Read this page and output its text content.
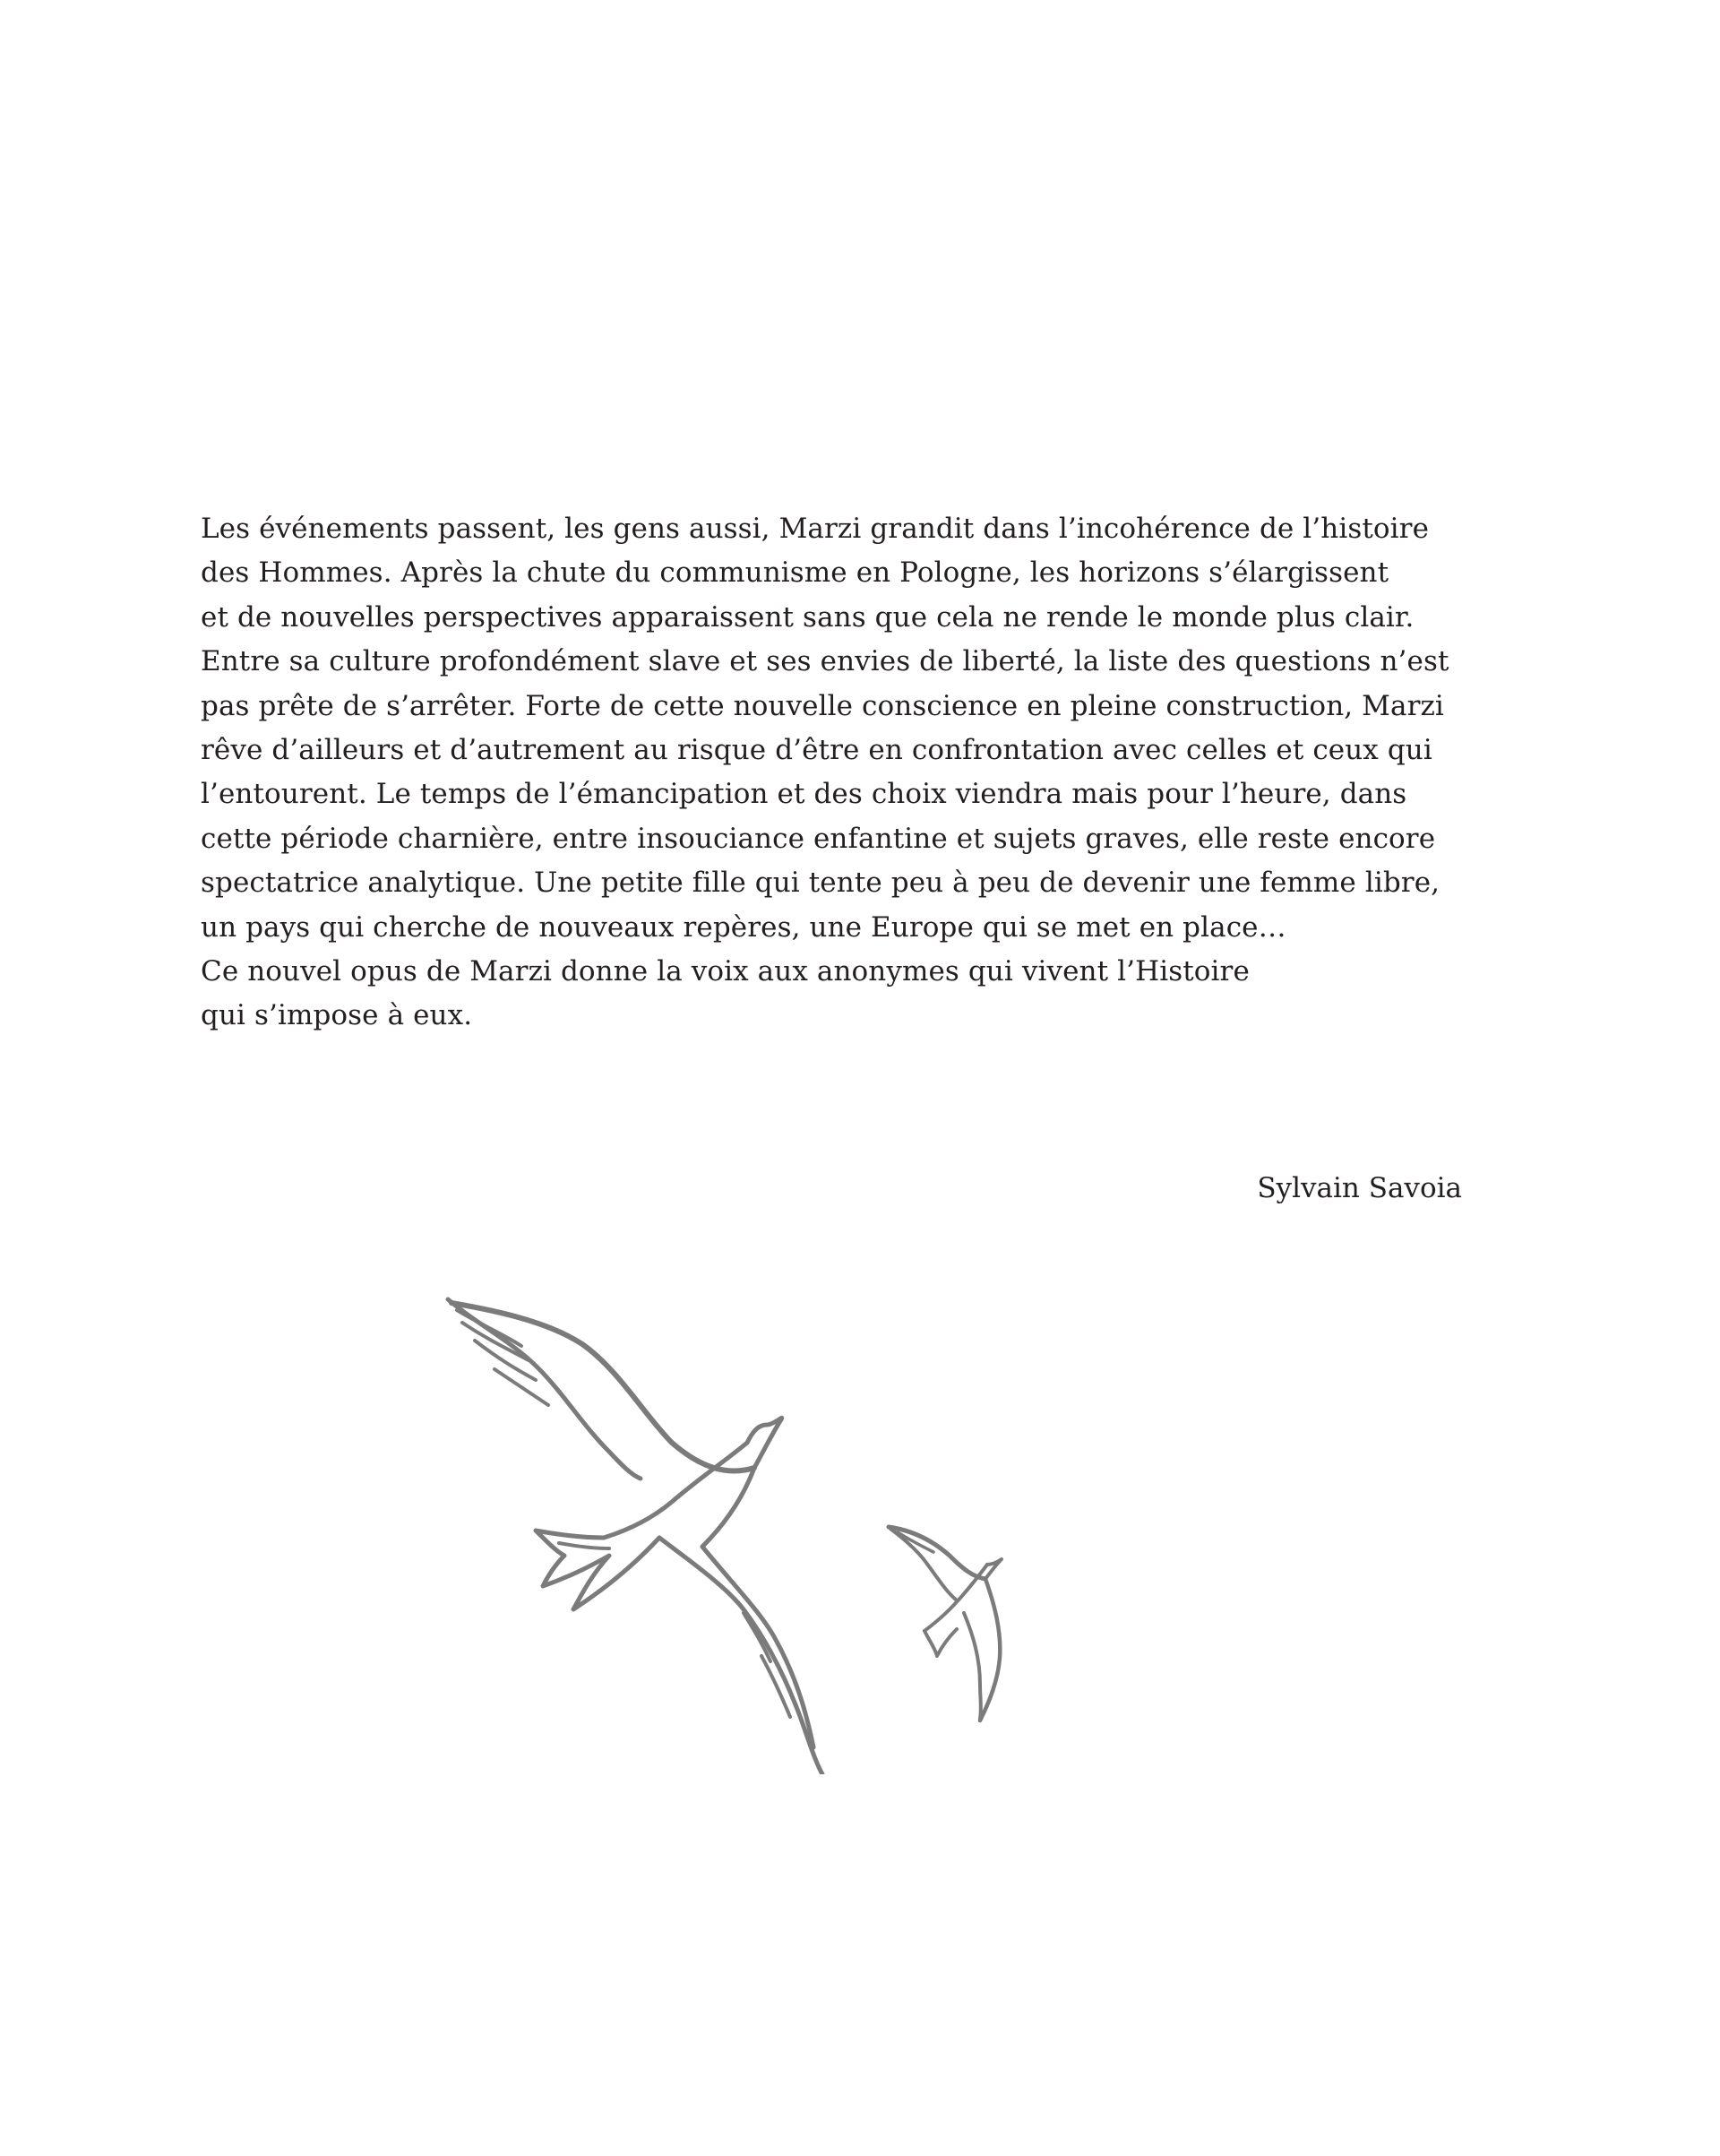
Les événements passent, les gens aussi, Marzi grandit dans l’incohérence de l’histoire
des Hommes. Après la chute du communisme en Pologne, les horizons s’élargissent
et de nouvelles perspectives apparaissent sans que cela ne rende le monde plus clair.
Entre sa culture profondément slave et ses envies de liberté, la liste des questions n’est
pas prête de s’arrêter. Forte de cette nouvelle conscience en pleine construction, Marzi
rêve d’ailleurs et d’autrement au risque d’être en confrontation avec celles et ceux qui
l’entourent. Le temps de l’émancipation et des choix viendra mais pour l’heure, dans
cette période charnière, entre insouciance enfantine et sujets graves, elle reste encore
spectatrice analytique. Une petite fille qui tente peu à peu de devenir une femme libre,
un pays qui cherche de nouveaux repères, une Europe qui se met en place…
Ce nouvel opus de Marzi donne la voix aux anonymes qui vivent l’Histoire
qui s’impose à eux.
Sylvain Savoia
